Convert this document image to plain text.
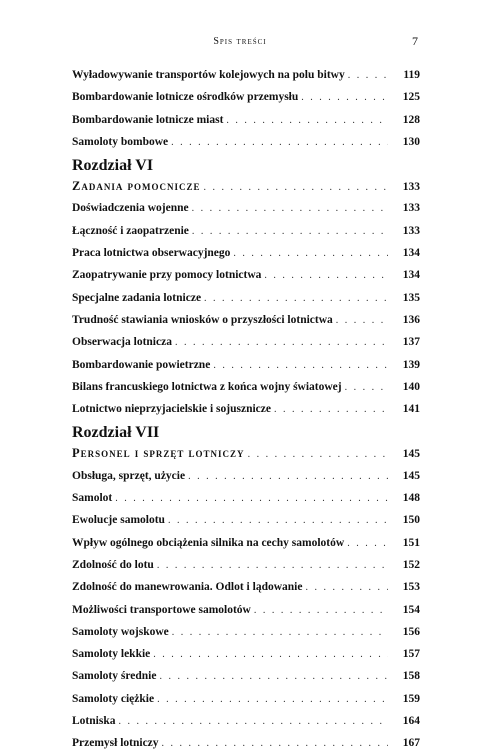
Spis treści	7
Wyładowywanie transportów kolejowych na polu bitwy . . .	119
Bombardowanie lotnicze ośrodków przemysłu . . .	125
Bombardowanie lotnicze miast . . .	128
Samoloty bombowe . . .	130
Rozdział VI
Zadania pomocnicze . . .	133
Doświadczenia wojenne . . .	133
Łączność i zaopatrzenie . . .	133
Praca lotnictwa obserwacyjnego . . .	134
Zaopatrywanie przy pomocy lotnictwa . . .	134
Specjalne zadania lotnicze . . .	135
Trudność stawiania wniosków o przyszłości lotnictwa . . .	136
Obserwacja lotnicza . . .	137
Bombardowanie powietrzne . . .	139
Bilans francuskiego lotnictwa z końca wojny światowej . . .	140
Lotnictwo nieprzyjacielskie i sojusznicze . . .	141
Rozdział VII
Personel i sprzęt lotniczy . . .	145
Obsługa, sprzęt, użycie . . .	145
Samolot . . .	148
Ewolucje samolotu . . .	150
Wpływ ogólnego obciążenia silnika na cechy samolotów . . .	151
Zdolność do lotu . . .	152
Zdolność do manewrowania. Odlot i lądowanie . . .	153
Możliwości transportowe samolotów . . .	154
Samoloty wojskowe . . .	156
Samoloty lekkie . . .	157
Samoloty średnie . . .	158
Samoloty ciężkie . . .	159
Lotniska . . .	164
Przemysł lotniczy . . .	167
